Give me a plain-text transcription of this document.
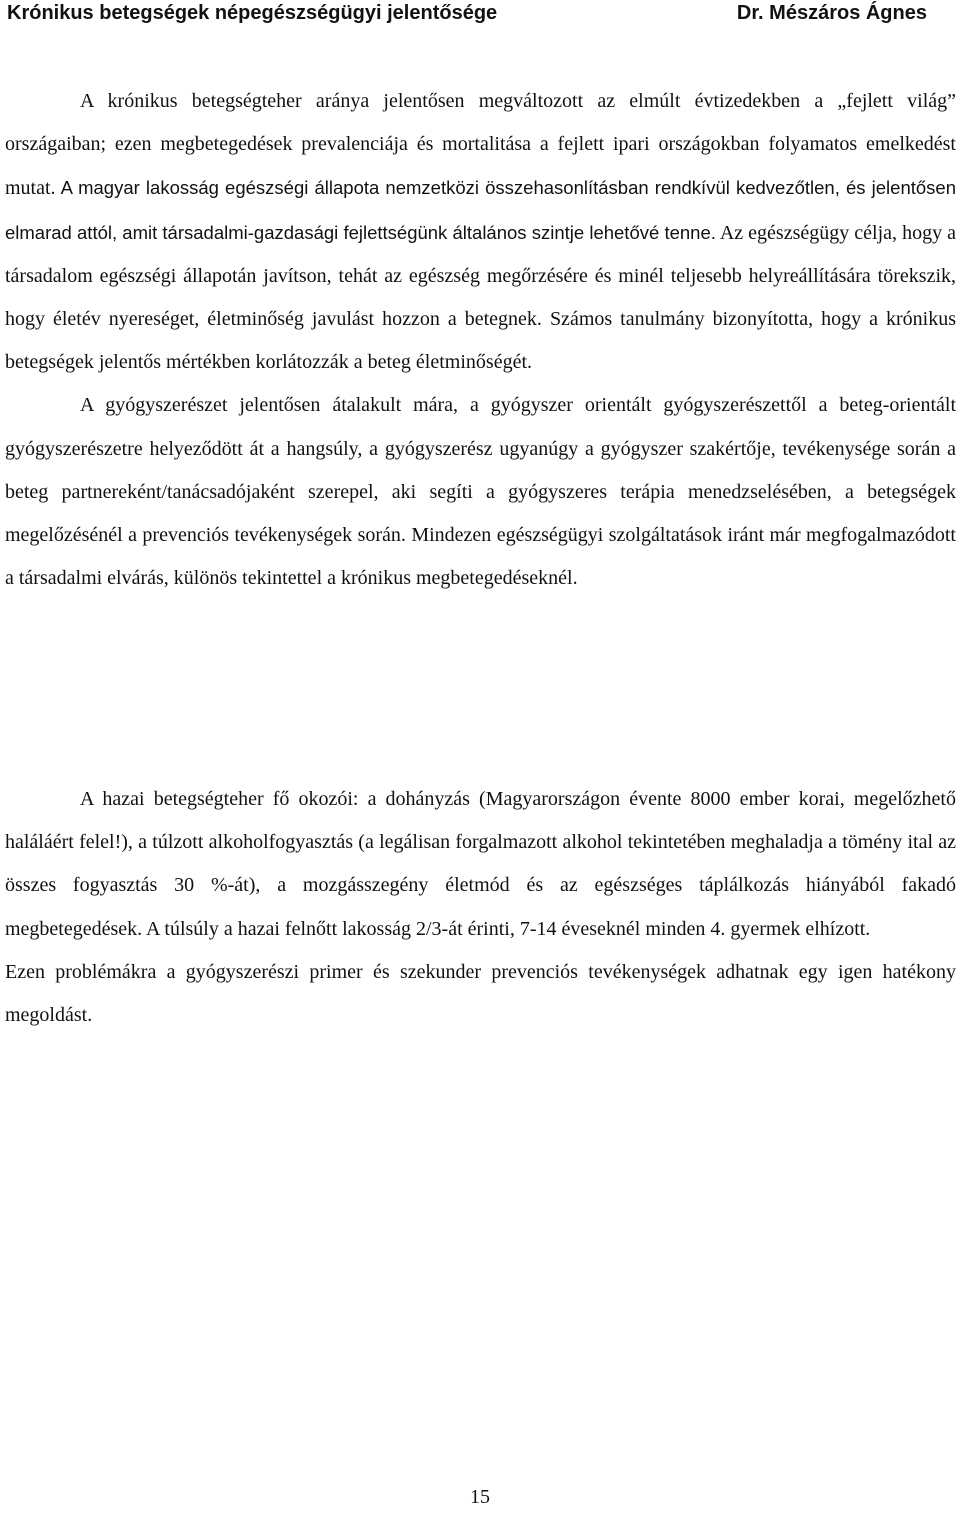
Krónikus betegségek népegészségügyi jelentősége	Dr. Mészáros Ágnes

A krónikus betegségteher aránya jelentősen megváltozott az elmúlt évtizedekben a „fejlett világ” országaiban; ezen megbetegedések prevalenciája és mortalitása a fejlett ipari országokban folyamatos emelkedést mutat. A magyar lakosság egészségi állapota nemzetközi összehasonlításban rendkívül kedvezőtlen, és jelentősen elmarad attól, amit társadalmi-gazdasági fejlettségünk általános szintje lehetővé tenne. Az egészségügy célja, hogy a társadalom egészségi állapotán javítson, tehát az egészség megőrzésére és minél teljesebb helyreállítására törekszik, hogy életév nyereséget, életminőség javulást hozzon a betegnek. Számos tanulmány bizonyította, hogy a krónikus betegségek jelentős mértékben korlátozzák a beteg életminőségét.

A gyógyszerészet jelentősen átalakult mára, a gyógyszer orientált gyógyszerészettől a beteg-orientált gyógyszerészetre helyeződött át a hangsúly, a gyógyszerész ugyanúgy a gyógyszer szakértője, tevékenysége során a beteg partnereként/tanácsadójaként szerepel, aki segíti a gyógyszeres terápia menedzselésében, a betegségek megelőzésénél a prevenciós tevékenységek során. Mindezen egészségügyi szolgáltatások iránt már megfogalmazódott a társadalmi elvárás, különös tekintettel a krónikus megbetegedéseknél.

A hazai betegségteher fő okozói: a dohányzás (Magyarországon évente 8000 ember korai, megelőzhető haláláért felel!), a túlzott alkoholfogyasztás (a legálisan forgalmazott alkohol tekintetében meghaladja a tömény ital az összes fogyasztás 30 %-át), a mozgásszegény életmód és az egészséges táplálkozás hiányából fakadó megbetegedések. A túlsúly a hazai felnőtt lakosság 2/3-át érinti, 7-14 éveseknél minden 4. gyermek elhízott.

Ezen problémákra a gyógyszerészi primer és szekunder prevenciós tevékenységek adhatnak egy igen hatékony megoldást.

15
